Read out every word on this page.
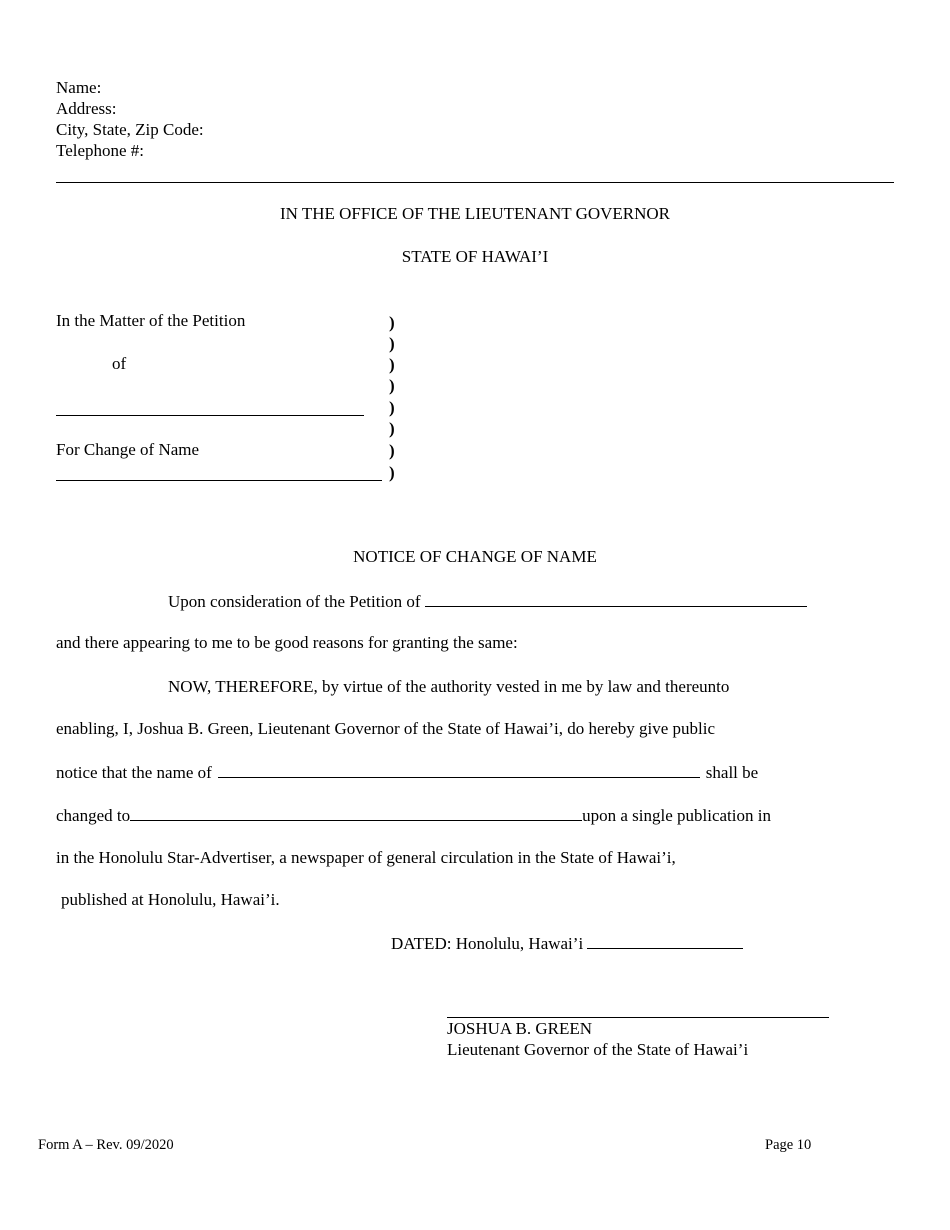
Name:
Address:
City, State, Zip Code:
Telephone #:
IN THE OFFICE OF THE LIEUTENANT GOVERNOR
STATE OF HAWAI’I
In the Matter of the Petition
of
For Change of Name
)
)
)
)
)
)
)
)
NOTICE OF CHANGE OF NAME
Upon consideration of the Petition of
and there appearing to me to be good reasons for granting the same:
NOW, THEREFORE, by virtue of the authority vested in me by law and thereunto
enabling, I, Joshua B. Green, Lieutenant Governor of the State of Hawai’i, do hereby give public
notice that the name of	shall be
changed to	upon a single publication in
in the Honolulu Star-Advertiser, a newspaper of general circulation in the State of Hawai’i,
published at Honolulu, Hawai’i.
DATED: Honolulu, Hawai’i
JOSHUA B. GREEN
Lieutenant Governor of the State of Hawai’i
Form A – Rev. 09/2020	Page 10
